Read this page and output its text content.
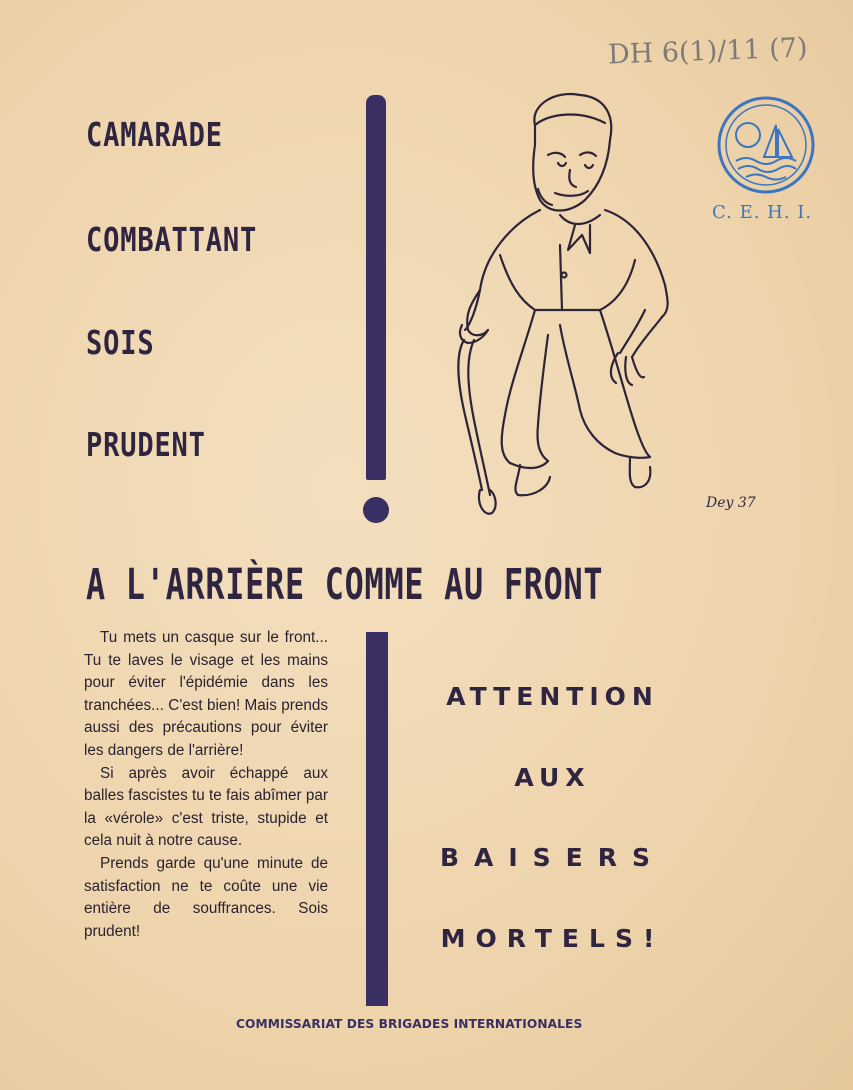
DH 6(1)/11 (7)
C. E. H. I.
CAMARADE
COMBATTANT
SOIS
PRUDENT
Dey 37
A L'ARRIÈRE COMME AU FRONT

Tu mets un casque sur le front... Tu te laves le visage et les mains pour éviter l'épidémie dans les tranchées... C'est bien! Mais prends aussi des précautions pour éviter les dangers de l'arrière!

Si après avoir échappé aux balles fascistes tu te fais abîmer par la «vérole» c'est triste, stupide et cela nuit à notre cause.

Prends garde qu'une minute de satisfaction ne te coûte une vie entière de souffrances. Sois prudent!

ATTENTION
AUX
BAISERS
MORTELS!
COMMISSARIAT DES BRIGADES INTERNATIONALES
